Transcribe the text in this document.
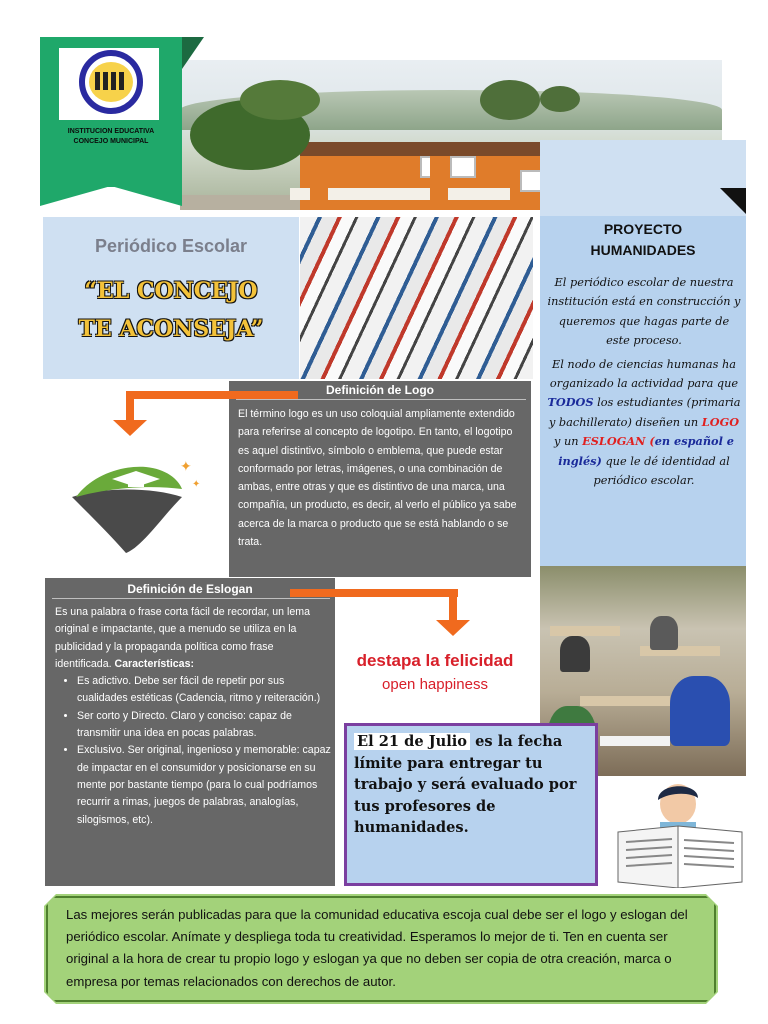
INSTITUCION EDUCATIVA
CONCEJO MUNICIPAL
Periódico Escolar
“EL CONCEJO
TE ACONSEJA”
PROYECTO
HUMANIDADES

El periódico escolar de nuestra institución está en construcción y queremos que hagas parte de este proceso.

El nodo de ciencias humanas ha organizado la actividad para que TODOS los estudiantes (primaria y bachillerato) diseñen un LOGO y un ESLOGAN (en español e inglés) que le dé identidad al periódico escolar.

Definición de Logo
El término logo es un uso coloquial ampliamente extendido para referirse al concepto de logotipo. En tanto, el logotipo es aquel distintivo, símbolo o emblema, que puede estar conformado por letras, imágenes, o una combinación de ambas, entre otras y que es distintivo de una marca, una compañía, un producto, es decir, al verlo el público ya sabe acerca de la marca o producto que se está hablando o se trata.
✦
✦
Definición de Eslogan

Es una palabra o frase corta fácil de recordar, un lema original e impactante, que a menudo se utiliza en la publicidad y la propaganda política como frase identificada. Características:

• Es adictivo. Debe ser fácil de repetir por sus cualidades estéticas (Cadencia, ritmo y reiteración.)
• Ser corto y Directo. Claro y conciso: capaz de transmitir una idea en pocas palabras.
• Exclusivo. Ser original, ingenioso y memorable: capaz de impactar en el consumidor y posicionarse en su mente por bastante tiempo (para lo cual podríamos recurrir a rimas, juegos de palabras, analogías, silogismos, etc).
destapa la felicidad
open happiness
El 21 de Julio es la fecha límite para entregar tu trabajo y será evaluado por tus profesores de humanidades.
Las mejores serán publicadas para que la comunidad educativa escoja cual debe ser el logo y eslogan del periódico escolar. Anímate y despliega toda tu creatividad. Esperamos lo mejor de ti. Ten en cuenta ser original a la hora de crear tu propio logo y eslogan ya que no deben ser copia de otra creación, marca o empresa por temas relacionados con derechos de autor.
